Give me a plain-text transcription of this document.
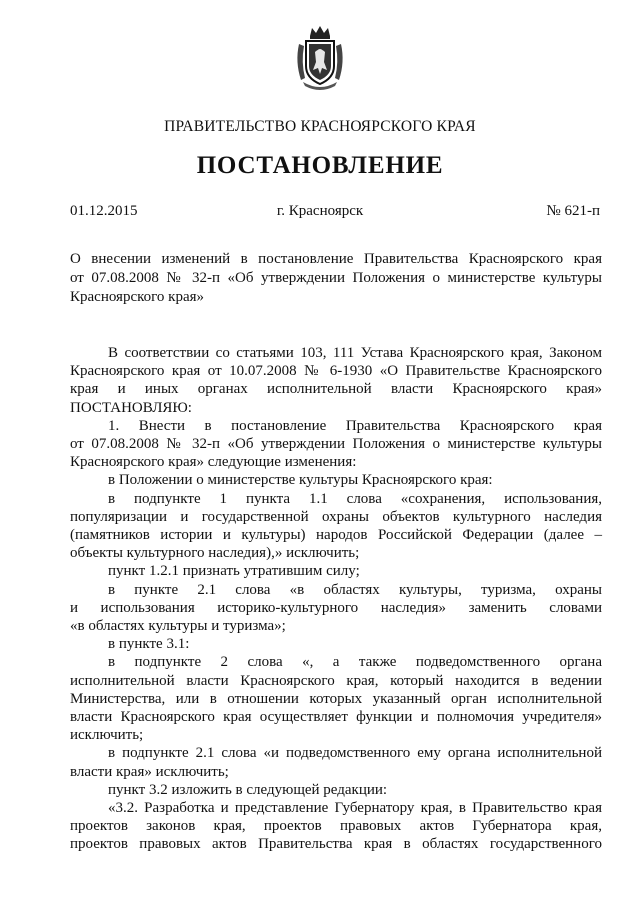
ПРАВИТЕЛЬСТВО КРАСНОЯРСКОГО КРАЯ
ПОСТАНОВЛЕНИЕ
01.12.2015	г. Красноярск	№ 621-п
О внесении изменений в постановление Правительства Красноярского края
от 07.08.2008 № 32-п «Об утверждении Положения о министерстве культуры
Красноярского края»
В соответствии со статьями 103, 111 Устава Красноярского края, Законом
Красноярского края от 10.07.2008 № 6-1930 «О Правительстве Красноярского
края и иных органах исполнительной власти Красноярского края»
ПОСТАНОВЛЯЮ:
1. Внести в постановление Правительства Красноярского края
от 07.08.2008 № 32-п «Об утверждении Положения о министерстве культуры
Красноярского края» следующие изменения:
в Положении о министерстве культуры Красноярского края:
в подпункте 1 пункта 1.1 слова «сохранения, использования,
популяризации и государственной охраны объектов культурного наследия
(памятников истории и культуры) народов Российской Федерации (далее –
объекты культурного наследия),» исключить;
пункт 1.2.1 признать утратившим силу;
в пункте 2.1 слова «в областях культуры, туризма, охраны
и использования историко-культурного наследия» заменить словами
«в областях культуры и туризма»;
в пункте 3.1:
в подпункте 2 слова «, а также подведомственного органа
исполнительной власти Красноярского края, который находится в ведении
Министерства, или в отношении которых указанный орган исполнительной
власти Красноярского края осуществляет функции и полномочия учредителя»
исключить;
в подпункте 2.1 слова «и подведомственного ему органа исполнительной
власти края» исключить;
пункт 3.2 изложить в следующей редакции:
«3.2. Разработка и представление Губернатору края, в Правительство края
проектов законов края, проектов правовых актов Губернатора края,
проектов правовых актов Правительства края в областях государственного
